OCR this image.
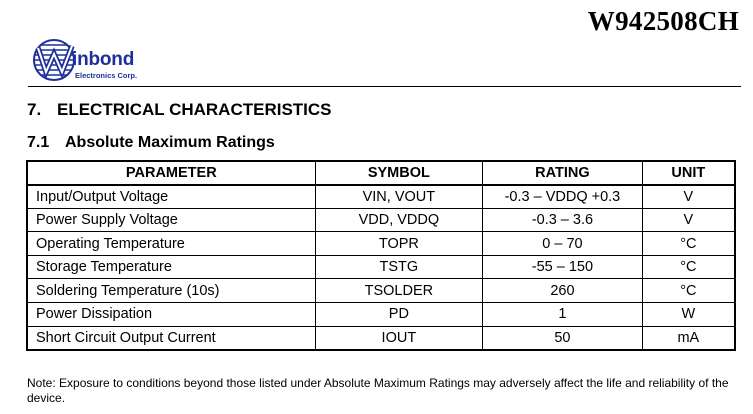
W942508CH
inbond
Electronics Corp.
7. ELECTRICAL CHARACTERISTICS
7.1 Absolute Maximum Ratings
PARAMETER	SYMBOL	RATING	UNIT
Input/Output Voltage	VIN, VOUT	-0.3 – VDDQ +0.3	V
Power Supply Voltage	VDD, VDDQ	-0.3 – 3.6	V
Operating Temperature	TOPR	0 – 70	°C
Storage Temperature	TSTG	-55 – 150	°C
Soldering Temperature (10s)	TSOLDER	260	°C
Power Dissipation	PD	1	W
Short Circuit Output Current	IOUT	50	mA
Note: Exposure to conditions beyond those listed under Absolute Maximum Ratings may adversely affect the life and reliability of the device.
